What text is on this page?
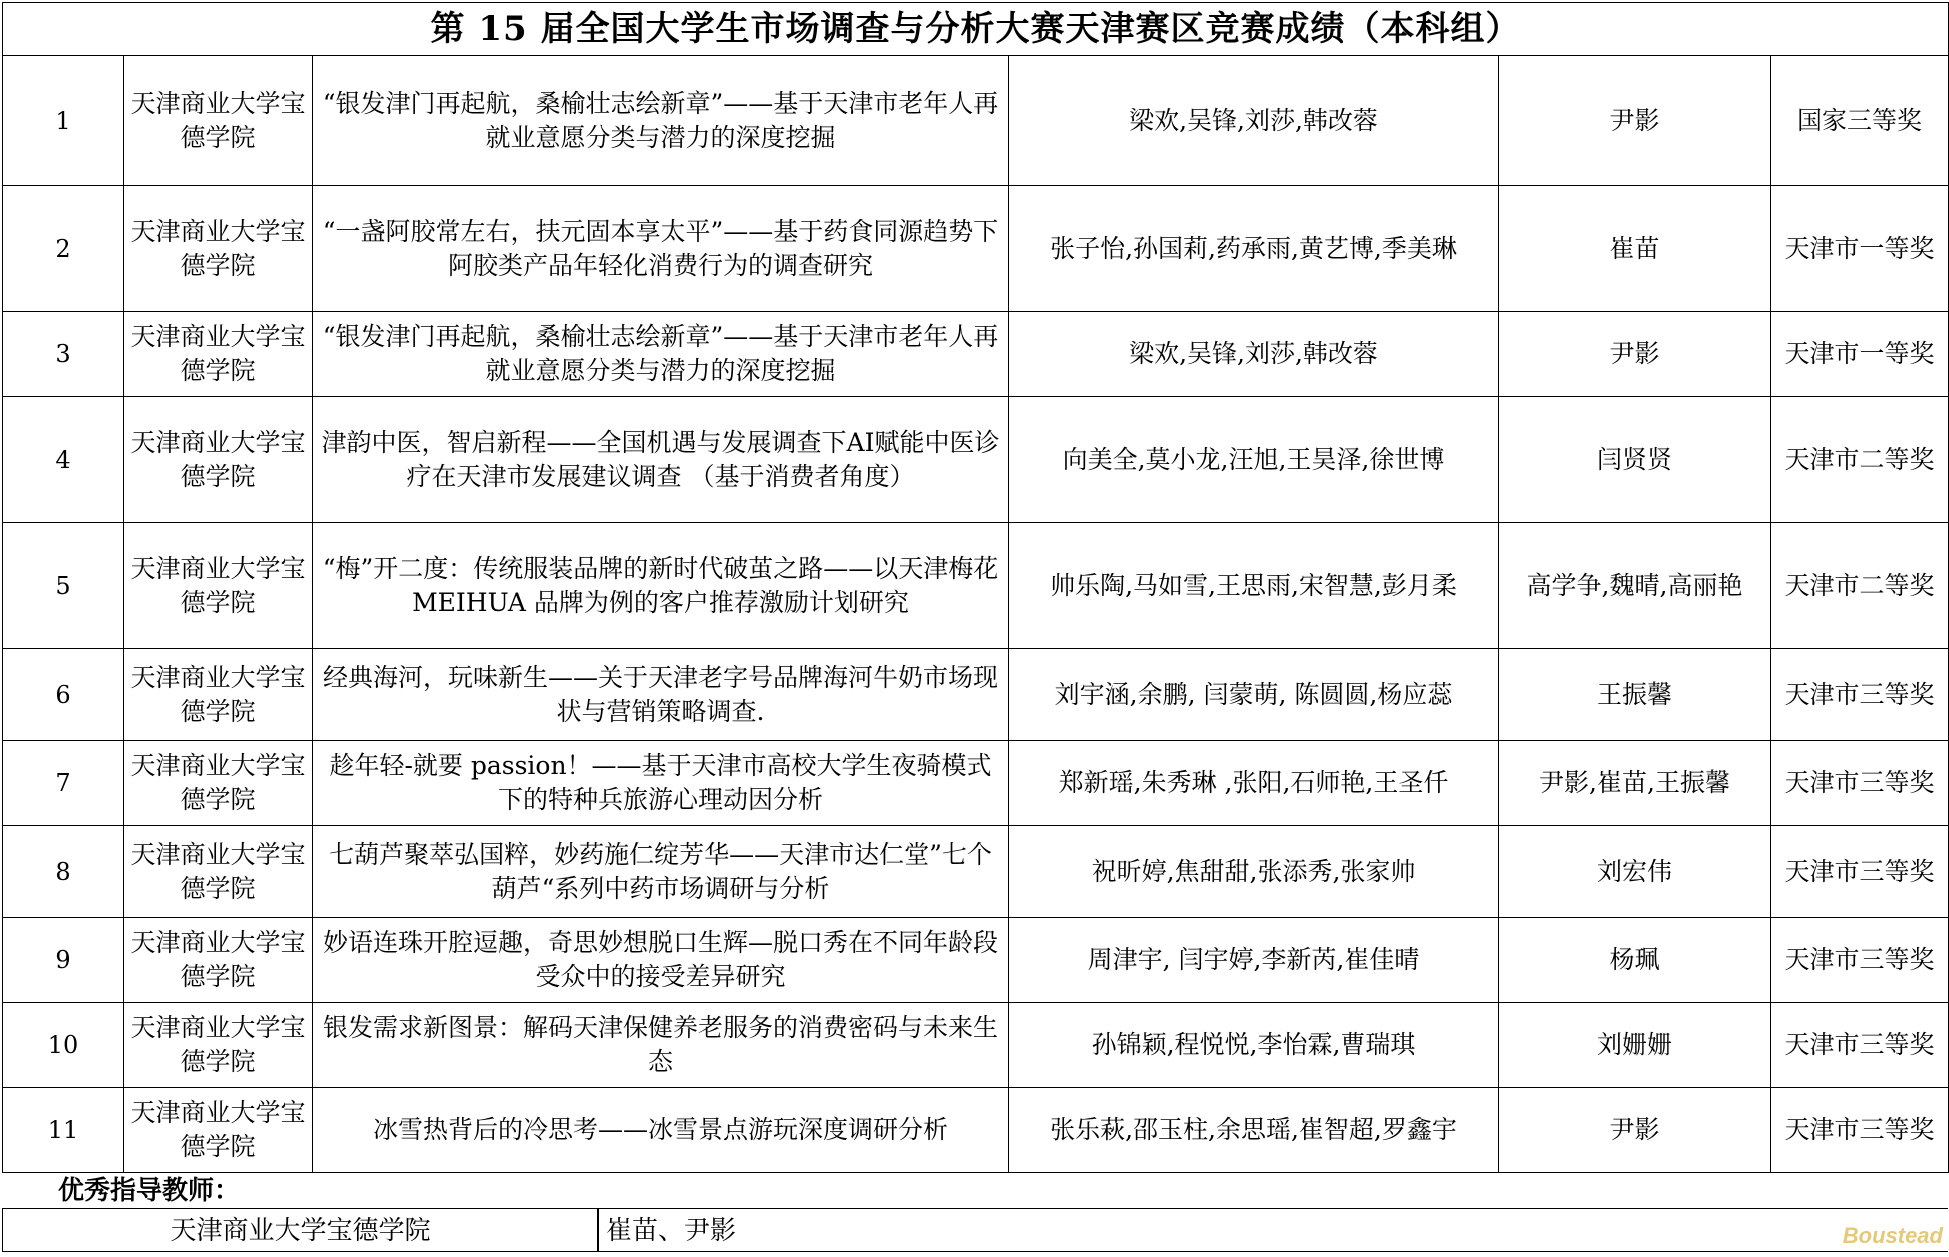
第 15 届全国大学生市场调查与分析大赛天津赛区竞赛成绩（本科组）					
1	天津商业大学宝德学院	“银发津门再起航，桑榆壮志绘新章”——基于天津市老年人再就业意愿分类与潜力的深度挖掘	梁欢,吴锋,刘莎,韩改蓉	尹影	国家三等奖
2	天津商业大学宝德学院	“一盏阿胶常左右，扶元固本享太平”——基于药食同源趋势下阿胶类产品年轻化消费行为的调查研究	张子怡,孙国莉,药承雨,黄艺博,季美琳	崔苗	天津市一等奖
3	天津商业大学宝德学院	“银发津门再起航，桑榆壮志绘新章”——基于天津市老年人再就业意愿分类与潜力的深度挖掘	梁欢,吴锋,刘莎,韩改蓉	尹影	天津市一等奖
4	天津商业大学宝德学院	津韵中医，智启新程——全国机遇与发展调查下AI赋能中医诊疗在天津市发展建议调查 （基于消费者角度）	向美全,莫小龙,汪旭,王昊泽,徐世博	闫贤贤	天津市二等奖
5	天津商业大学宝德学院	“梅”开二度：传统服装品牌的新时代破茧之路——以天津梅花MEIHUA 品牌为例的客户推荐激励计划研究	帅乐陶,马如雪,王思雨,宋智慧,彭月柔	高学争,魏晴,高丽艳	天津市二等奖
6	天津商业大学宝德学院	经典海河，玩味新生——关于天津老字号品牌海河牛奶市场现状与营销策略调查.	刘宇涵,余鹏, 闫蒙萌, 陈圆圆,杨应蕊	王振馨	天津市三等奖
7	天津商业大学宝德学院	趁年轻-就要 passion！——基于天津市高校大学生夜骑模式下的特种兵旅游心理动因分析	郑新瑶,朱秀琳 ,张阳,石师艳,王圣仟	尹影,崔苗,王振馨	天津市三等奖
8	天津商业大学宝德学院	七葫芦聚萃弘国粹，妙药施仁绽芳华——天津市达仁堂”七个葫芦“系列中药市场调研与分析	祝昕婷,焦甜甜,张添秀,张家帅	刘宏伟	天津市三等奖
9	天津商业大学宝德学院	妙语连珠开腔逗趣，奇思妙想脱口生辉—脱口秀在不同年龄段受众中的接受差异研究	周津宇, 闫宇婷,李新芮,崔佳晴	杨珮	天津市三等奖
10	天津商业大学宝德学院	银发需求新图景：解码天津保健养老服务的消费密码与未来生态	孙锦颖,程悦悦,李怡霖,曹瑞琪	刘姗姗	天津市三等奖
11	天津商业大学宝德学院	冰雪热背后的冷思考——冰雪景点游玩深度调研分析	张乐萩,邵玉柱,余思瑶,崔智超,罗鑫宇	尹影	天津市三等奖
优秀指导教师：
天津商业大学宝德学院	崔苗、尹影	Boustead
